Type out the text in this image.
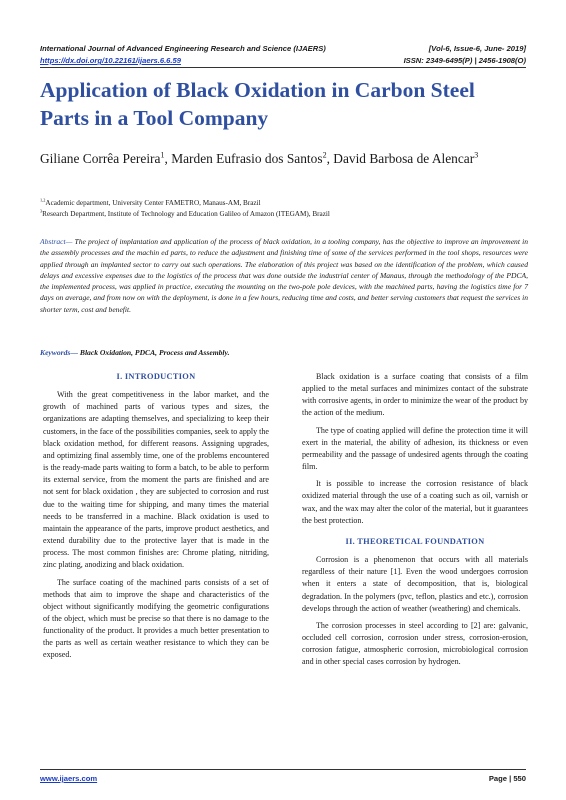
International Journal of Advanced Engineering Research and Science (IJAERS)	[Vol-6, Issue-6, June- 2019]
https://dx.doi.org/10.22161/ijaers.6.6.59	ISSN: 2349-6495(P) | 2456-1908(O)
Application of Black Oxidation in Carbon Steel Parts in a Tool Company
Giliane Corrêa Pereira$^1$, Marden Eufrasio dos Santos$^2$, David Barbosa de Alencar$^3$
$^{1,2}$Academic department, University Center FAMETRO, Manaus-AM, Brazil
$^3$Research Department, Institute of Technology and Education Galileo of Amazon (ITEGAM), Brazil
Abstract— The project of implantation and application of the process of black oxidation, in a tooling company, has the objective to improve an improvement in the assembly processes and the machin ed parts, to reduce the adjustment and finishing time of some of the services performed in the tool shops, resources were applied through an implanted sector to carry out such operations. The elaboration of this project was based on the identification of the problem, which caused delays and excessive expenses due to the logistics of the process that was done outside the industrial center of Manaus, through the methodology of the PDCA, the implemented process, was applied in practice, executing the mounting on the two-pole pole devices, with the machined parts, having the logistics time for 7 days on average, and from now on with the deployment, is done in a few hours, reducing time and costs, and better serving customers that request the services in shorter term, cost and benefit.
Keywords— Black Oxidation, PDCA, Process and Assembly.
I. INTRODUCTION

With the great competitiveness in the labor market, and the growth of machined parts of various types and sizes, the organizations are adapting themselves, and specializing to keep their customers, in the face of the possibilities companies, seek to apply the black oxidation method, for different reasons. Assigning upgrades, and optimizing final assembly time, one of the problems encountered is the ready-made parts waiting to form a batch, to be able to perform its external service, from the moment the parts are finished and are not sent for black oxidation , they are subjected to corrosion and rust due to the waiting time for shipping, and many times the material needs to be transferred in a machine. Black oxidation is used to maintain the appearance of the parts, improve product aesthetics, and extend durability due to the protective layer that is made in the process. The most common finishes are: Chrome plating, nitriding, zinc plating, anodizing and black oxidation.

The surface coating of the machined parts consists of a set of methods that aim to improve the shape and characteristics of the object without significantly modifying the geometric configurations of the object, which must be precise so that there is no damage to the functionality of the product. It provides a much better presentation to the parts as well as certain weather resistance to which they can be exposed.

Black oxidation is a surface coating that consists of a film applied to the metal surfaces and minimizes contact of the substrate with corrosive agents, in order to minimize the wear of the product by the action of the medium.

The type of coating applied will define the protection time it will exert in the material, the ability of adhesion, its thickness or even permeability and the passage of undesired agents through the coating film.

It is possible to increase the corrosion resistance of black oxidized material through the use of a coating such as oil, varnish or wax, and the wax may alter the color of the material, but it guarantees the best protection.

II. THEORETICAL FOUNDATION

Corrosion is a phenomenon that occurs with all materials regardless of their nature [1]. Even the wood undergoes corrosion when it enters a state of decomposition, that is, biological degradation. In the polymers (pvc, teflon, plastics and etc.), corrosion develops through the action of weather (weathering) and chemicals.

The corrosion processes in steel according to [2] are: galvanic, occluded cell corrosion, corrosion under stress, corrosion-erosion, corrosion fatigue, atmospheric corrosion, microbiological corrosion and in other special cases corrosion by hydrogen.

www.ijaers.com	Page | 550
